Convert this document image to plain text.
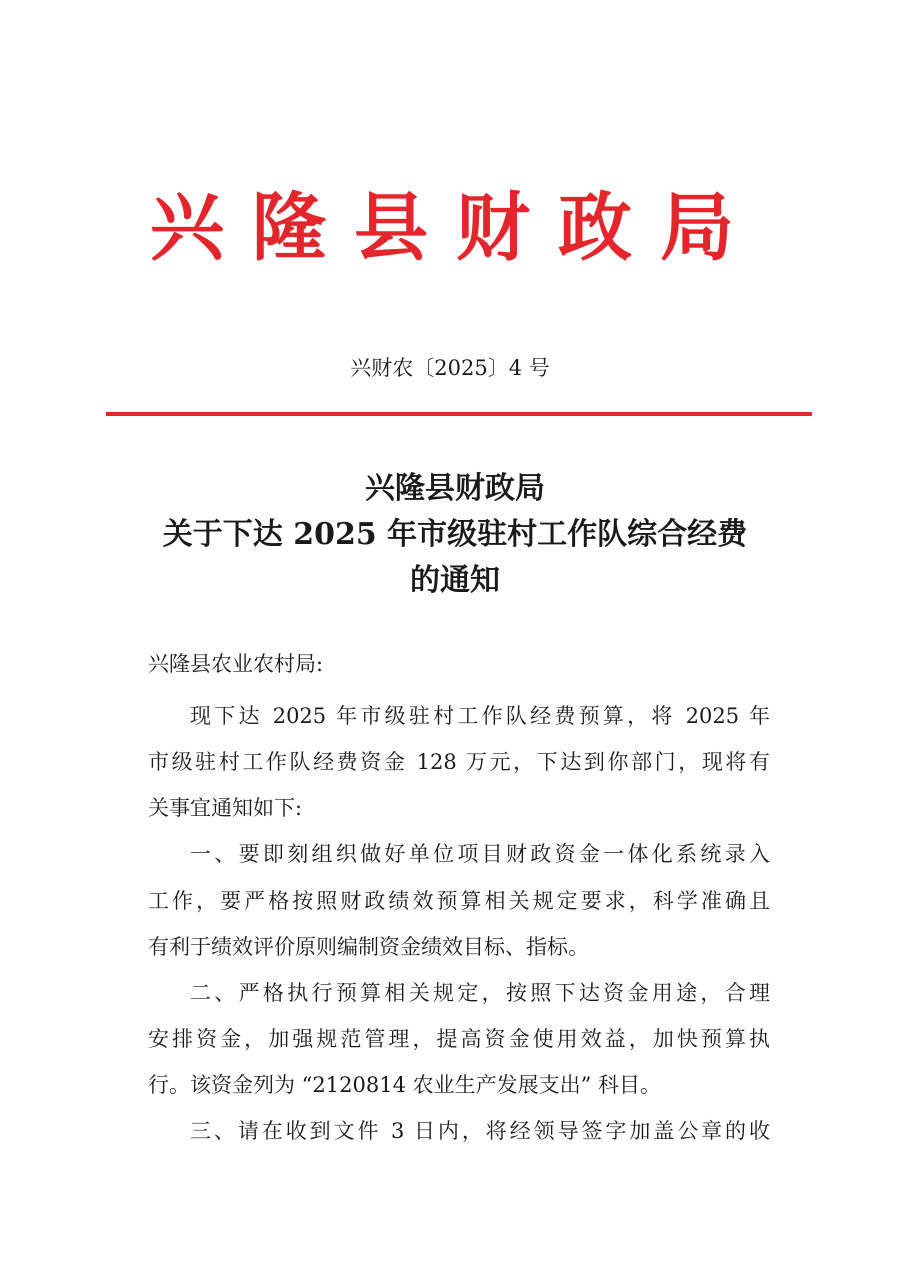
兴隆县财政局
兴财农〔2025〕4 号
兴隆县财政局
关于下达 2025 年市级驻村工作队综合经费
的通知
兴隆县农业农村局:
现下达 2025 年市级驻村工作队经费预算，将 2025 年
市级驻村工作队经费资金 128 万元，下达到你部门，现将有
关事宜通知如下:
一、要即刻组织做好单位项目财政资金一体化系统录入
工作，要严格按照财政绩效预算相关规定要求，科学准确且
有利于绩效评价原则编制资金绩效目标、指标。
二、严格执行预算相关规定，按照下达资金用途，合理
安排资金，加强规范管理，提高资金使用效益，加快预算执
行。该资金列为 “2120814 农业生产发展支出” 科目。
三、请在收到文件 3 日内，将经领导签字加盖公章的收
